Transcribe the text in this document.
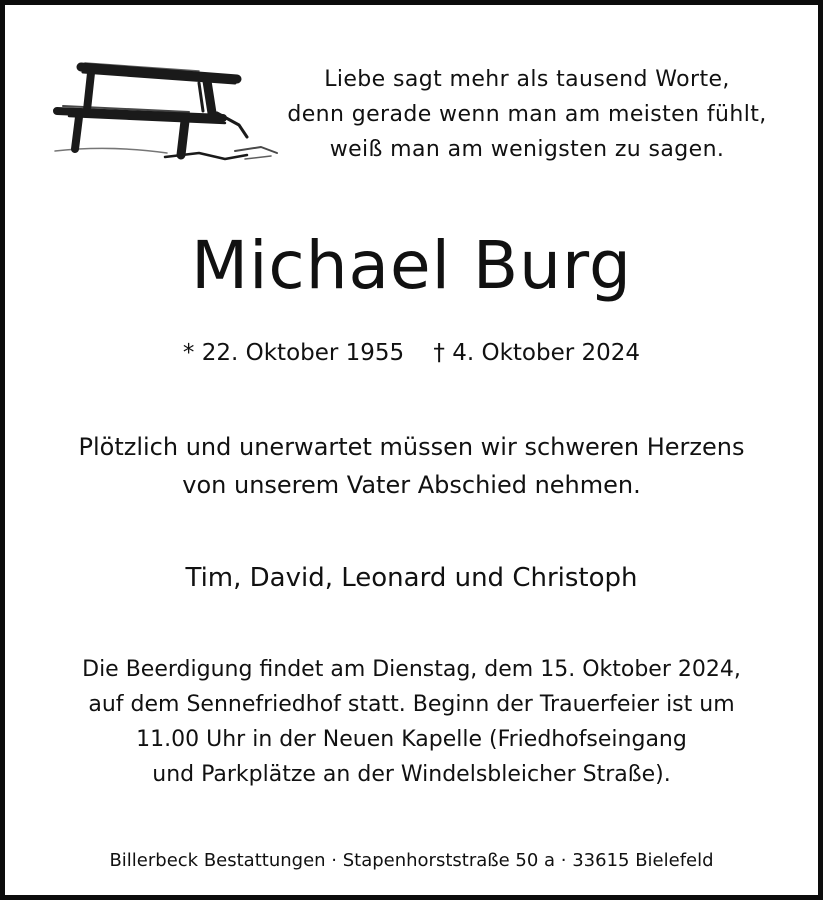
Liebe sagt mehr als tausend Worte,
denn gerade wenn man am meisten fühlt,
weiß man am wenigsten zu sagen.
Michael Burg
* 22. Oktober 1955    † 4. Oktober 2024
Plötzlich und unerwartet müssen wir schweren Herzens
von unserem Vater Abschied nehmen.
Tim, David, Leonard und Christoph
Die Beerdigung findet am Dienstag, dem 15. Oktober 2024,
auf dem Sennefriedhof statt. Beginn der Trauerfeier ist um
11.00 Uhr in der Neuen Kapelle (Friedhofseingang
und Parkplätze an der Windelsbleicher Straße).
Billerbeck Bestattungen · Stapenhorststraße 50 a · 33615 Bielefeld
